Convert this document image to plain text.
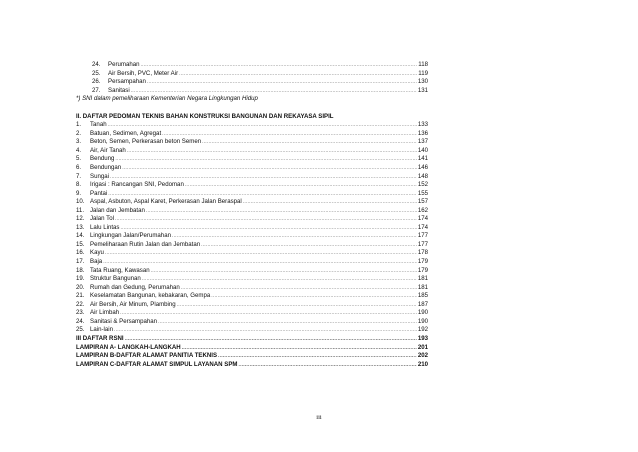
24.	Perumahan .....	118
25.	Air Bersih, PVC, Meter Air .....	119
26.	Persampahan .....	130
27.	Sanitasi .....	131
*) SNI dalam pemeliharaan Kementerian Negara Lingkungan Hidup
II. DAFTAR PEDOMAN TEKNIS BAHAN KONSTRUKSI BANGUNAN DAN REKAYASA SIPIL
1.	Tanah .....	133
2.	Batuan, Sedimen, Agregat .....	136
3.	Beton, Semen, Perkerasan beton Semen .....	137
4.	Air, Air Tanah .....	140
5.	Bendung .....	141
6.	Bendungan .....	146
7.	Sungai .....	148
8.	Irigasi : Rancangan SNI, Pedoman .....	152
9.	Pantai .....	155
10. Aspal, Asbuton, Aspal Karet, Perkerasan Jalan Beraspal .....	157
11. Jalan dan Jembatan .....	162
12. Jalan Tol .....	174
13. Lalu Lintas .....	174
14. Lingkungan Jalan/Perumahan .....	177
15. Pemeliharaan Rutin Jalan dan Jembatan .....	177
16. Kayu .....	178
17. Baja .....	179
18. Tata Ruang, Kawasan .....	179
19. Struktur Bangunan .....	181
20. Rumah dan Gedung, Perumahan .....	181
21. Keselamatan Bangunan, kebakaran, Gempa .....	185
22. Air Bersih, Air Minum, Plambing .....	187
23. Air Limbah .....	190
24. Sanitasi & Persampahan .....	190
25. Lain-lain .....	192
III DAFTAR RSNI .....	193
LAMPIRAN A- LANGKAH-LANGKAH .....	201
LAMPIRAN B-DAFTAR ALAMAT PANITIA TEKNIS .....	202
LAMPIRAN C-DAFTAR ALAMAT SIMPUL LAYANAN SPM .....	210
iii
